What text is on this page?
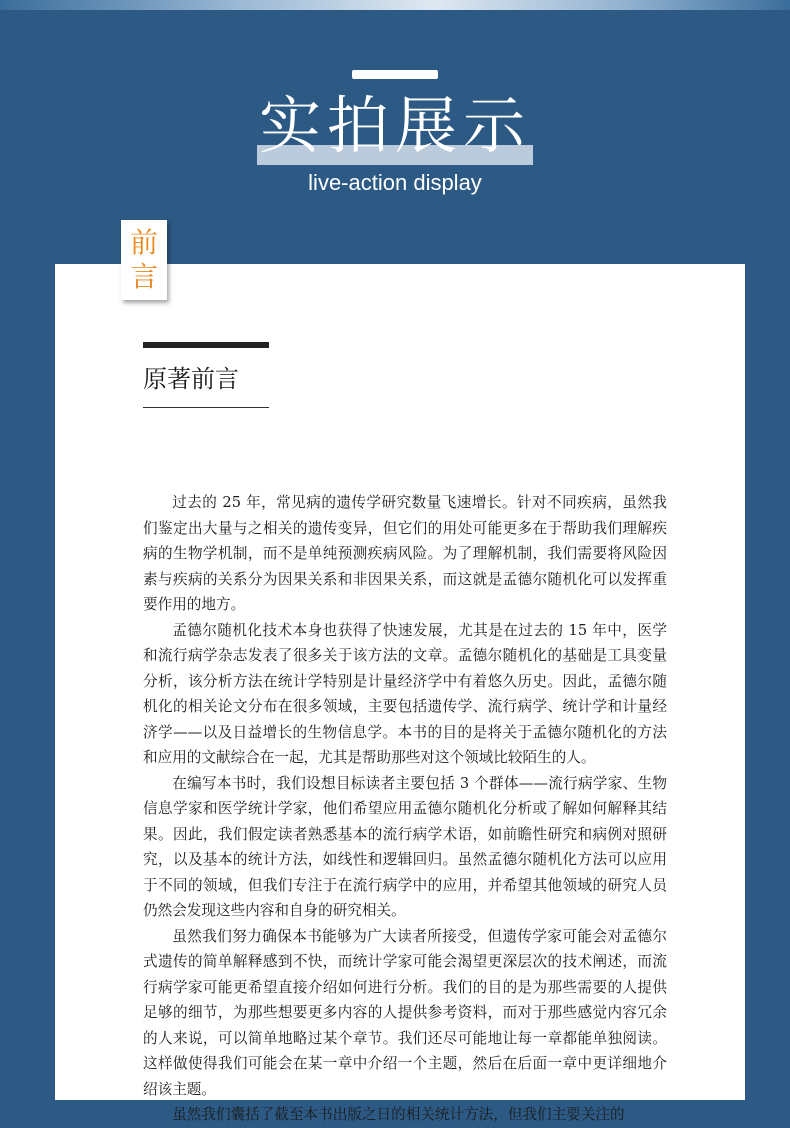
实拍展示
live-action display
前
言
原著前言

过去的 25 年，常见病的遗传学研究数量飞速增长。针对不同疾病，虽然我们鉴定出大量与之相关的遗传变异，但它们的用处可能更多在于帮助我们理解疾病的生物学机制，而不是单纯预测疾病风险。为了理解机制，我们需要将风险因素与疾病的关系分为因果关系和非因果关系，而这就是孟德尔随机化可以发挥重要作用的地方。

孟德尔随机化技术本身也获得了快速发展，尤其是在过去的 15 年中，医学和流行病学杂志发表了很多关于该方法的文章。孟德尔随机化的基础是工具变量分析，该分析方法在统计学特别是计量经济学中有着悠久历史。因此，孟德尔随机化的相关论文分布在很多领域，主要包括遗传学、流行病学、统计学和计量经济学——以及日益增长的生物信息学。本书的目的是将关于孟德尔随机化的方法和应用的文献综合在一起，尤其是帮助那些对这个领域比较陌生的人。

在编写本书时，我们设想目标读者主要包括 3 个群体——流行病学家、生物信息学家和医学统计学家，他们希望应用孟德尔随机化分析或了解如何解释其结果。因此，我们假定读者熟悉基本的流行病学术语，如前瞻性研究和病例对照研究，以及基本的统计方法，如线性和逻辑回归。虽然孟德尔随机化方法可以应用于不同的领域，但我们专注于在流行病学中的应用，并希望其他领域的研究人员仍然会发现这些内容和自身的研究相关。

虽然我们努力确保本书能够为广大读者所接受，但遗传学家可能会对孟德尔式遗传的简单解释感到不快，而统计学家可能会渴望更深层次的技术阐述，而流行病学家可能更希望直接介绍如何进行分析。我们的目的是为那些需要的人提供足够的细节，为那些想要更多内容的人提供参考资料，而对于那些感觉内容冗余的人来说，可以简单地略过某个章节。我们还尽可能地让每一章都能单独阅读。这样做使得我们可能会在某一章中介绍一个主题，然后在后面一章中更详细地介绍该主题。

虽然我们囊括了截至本书出版之日的相关统计方法，但我们主要关注的
